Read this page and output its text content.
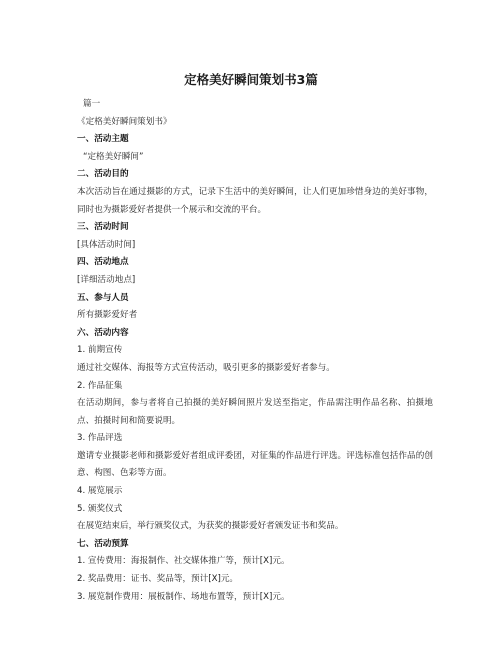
定格美好瞬间策划书3篇
篇一
《定格美好瞬间策划书》
一、活动主题
“定格美好瞬间”
二、活动目的
本次活动旨在通过摄影的方式，记录下生活中的美好瞬间，让人们更加珍惜身边的美好事物，同时也为摄影爱好者提供一个展示和交流的平台。
三、活动时间
[具体活动时间]
四、活动地点
[详细活动地点]
五、参与人员
所有摄影爱好者
六、活动内容
1. 前期宣传
通过社交媒体、海报等方式宣传活动，吸引更多的摄影爱好者参与。
2. 作品征集
在活动期间，参与者将自己拍摄的美好瞬间照片发送至指定，作品需注明作品名称、拍摄地点、拍摄时间和简要说明。
3. 作品评选
邀请专业摄影老师和摄影爱好者组成评委团，对征集的作品进行评选。评选标准包括作品的创意、构图、色彩等方面。
4. 展览展示
5. 颁奖仪式
在展览结束后，举行颁奖仪式，为获奖的摄影爱好者颁发证书和奖品。
七、活动预算
1. 宣传费用：海报制作、社交媒体推广等，预计[X]元。
2. 奖品费用：证书、奖品等，预计[X]元。
3. 展览制作费用：展板制作、场地布置等，预计[X]元。
